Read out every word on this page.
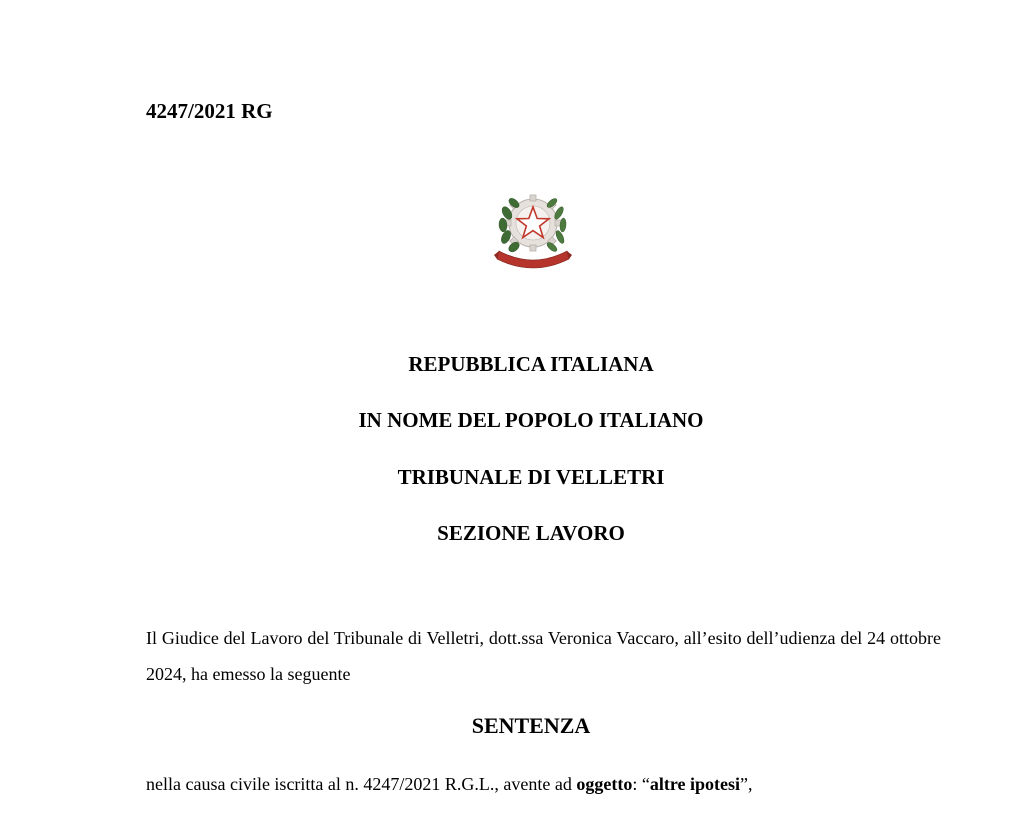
4247/2021 RG
REPUBBLICA ITALIANA
IN NOME DEL POPOLO ITALIANO
TRIBUNALE DI VELLETRI
SEZIONE LAVORO
Il Giudice del Lavoro del Tribunale di Velletri, dott.ssa Veronica Vaccaro, all’esito dell’udienza del 24 ottobre 2024, ha emesso la seguente
SENTENZA
nella causa civile iscritta al n. 4247/2021 R.G.L., avente ad oggetto: “altre ipotesi”,
